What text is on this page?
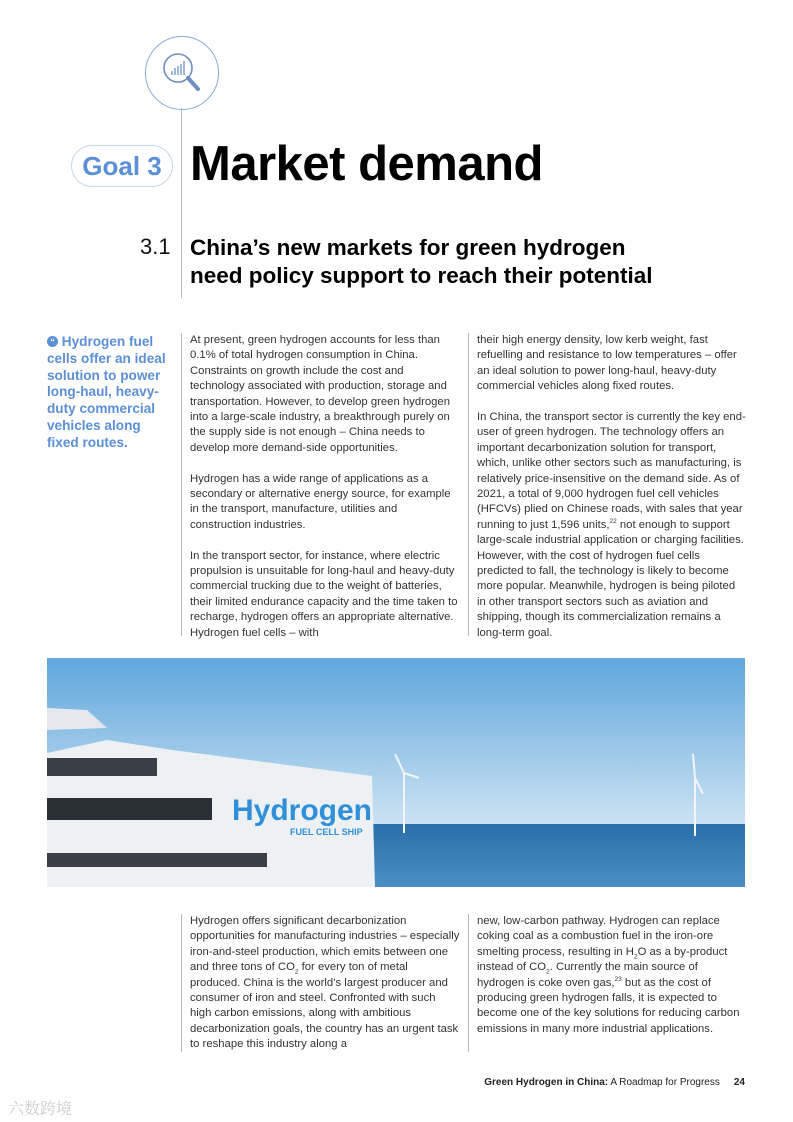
Goal 3 Market demand
3.1 China’s new markets for green hydrogen
need policy support to reach their potential
“ Hydrogen fuel cells offer an ideal solution to power long-haul, heavy-duty commercial vehicles along fixed routes.

At present, green hydrogen accounts for less than 0.1% of total hydrogen consumption in China. Constraints on growth include the cost and technology associated with production, storage and transportation. However, to develop green hydrogen into a large-scale industry, a breakthrough purely on the supply side is not enough – China needs to develop more demand-side opportunities.

Hydrogen has a wide range of applications as a secondary or alternative energy source, for example in the transport, manufacture, utilities and construction industries.

In the transport sector, for instance, where electric propulsion is unsuitable for long-haul and heavy-duty commercial trucking due to the weight of batteries, their limited endurance capacity and the time taken to recharge, hydrogen offers an appropriate alternative. Hydrogen fuel cells – with

their high energy density, low kerb weight, fast refuelling and resistance to low temperatures – offer an ideal solution to power long-haul, heavy-duty commercial vehicles along fixed routes.

In China, the transport sector is currently the key end-user of green hydrogen. The technology offers an important decarbonization solution for transport, which, unlike other sectors such as manufacturing, is relatively price-insensitive on the demand side. As of 2021, a total of 9,000 hydrogen fuel cell vehicles (HFCVs) plied on Chinese roads, with sales that year running to just 1,596 units,$^{22}$ not enough to support large-scale industrial application or charging facilities. However, with the cost of hydrogen fuel cells predicted to fall, the technology is likely to become more popular. Meanwhile, hydrogen is being piloted in other transport sectors such as aviation and shipping, though its commercialization remains a long-term goal.

Hydrogen
FUEL CELL SHIP

Hydrogen offers significant decarbonization opportunities for manufacturing industries – especially iron-and-steel production, which emits between one and three tons of $CO_2$ for every ton of metal produced. China is the world’s largest producer and consumer of iron and steel. Confronted with such high carbon emissions, along with ambitious decarbonization goals, the country has an urgent task to reshape this industry along a

new, low-carbon pathway. Hydrogen can replace coking coal as a combustion fuel in the iron-ore smelting process, resulting in $H_2O$ as a by-product instead of $CO_2$. Currently the main source of hydrogen is coke oven gas,$^{23}$ but as the cost of producing green hydrogen falls, it is expected to become one of the key solutions for reducing carbon emissions in many more industrial applications.

Green Hydrogen in China: A Roadmap for Progress 24
六数跨境
